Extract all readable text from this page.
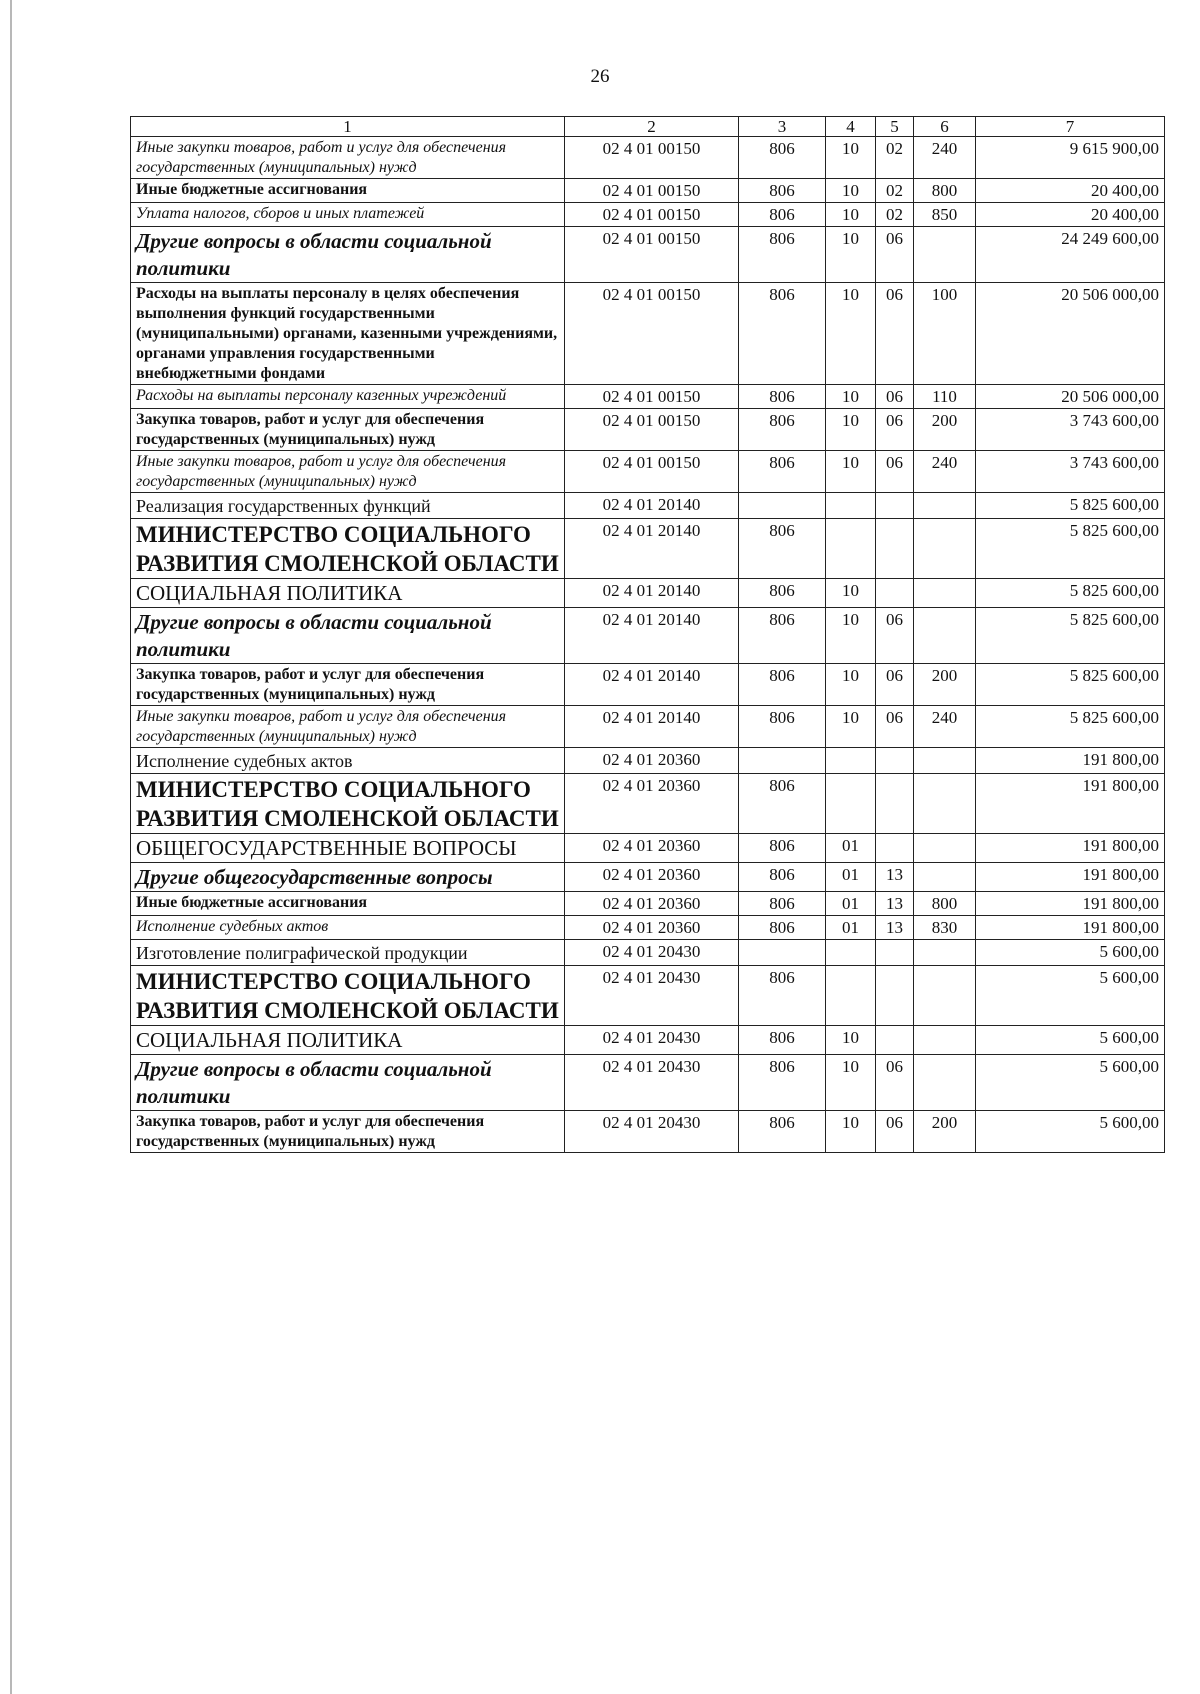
26
1	2	3	4	5	6	7
Иные закупки товаров, работ и услуг для обеспечения государственных (муниципальных) нужд	02 4 01 00150	806	10	02	240	9 615 900,00
Иные бюджетные ассигнования	02 4 01 00150	806	10	02	800	20 400,00
Уплата налогов, сборов и иных платежей	02 4 01 00150	806	10	02	850	20 400,00
Другие вопросы в области социальной политики	02 4 01 00150	806	10	06		24 249 600,00
Расходы на выплаты персоналу в целях обеспечения выполнения функций государственными (муниципальными) органами, казенными учреждениями, органами управления государственными внебюджетными фондами	02 4 01 00150	806	10	06	100	20 506 000,00
Расходы на выплаты персоналу казенных учреждений	02 4 01 00150	806	10	06	110	20 506 000,00
Закупка товаров, работ и услуг для обеспечения государственных (муниципальных) нужд	02 4 01 00150	806	10	06	200	3 743 600,00
Иные закупки товаров, работ и услуг для обеспечения государственных (муниципальных) нужд	02 4 01 00150	806	10	06	240	3 743 600,00
Реализация государственных функций	02 4 01 20140					5 825 600,00
МИНИСТЕРСТВО СОЦИАЛЬНОГО РАЗВИТИЯ СМОЛЕНСКОЙ ОБЛАСТИ	02 4 01 20140	806				5 825 600,00
СОЦИАЛЬНАЯ ПОЛИТИКА	02 4 01 20140	806	10			5 825 600,00
Другие вопросы в области социальной политики	02 4 01 20140	806	10	06		5 825 600,00
Закупка товаров, работ и услуг для обеспечения государственных (муниципальных) нужд	02 4 01 20140	806	10	06	200	5 825 600,00
Иные закупки товаров, работ и услуг для обеспечения государственных (муниципальных) нужд	02 4 01 20140	806	10	06	240	5 825 600,00
Исполнение судебных актов	02 4 01 20360					191 800,00
МИНИСТЕРСТВО СОЦИАЛЬНОГО РАЗВИТИЯ СМОЛЕНСКОЙ ОБЛАСТИ	02 4 01 20360	806				191 800,00
ОБЩЕГОСУДАРСТВЕННЫЕ ВОПРОСЫ	02 4 01 20360	806	01			191 800,00
Другие общегосударственные вопросы	02 4 01 20360	806	01	13		191 800,00
Иные бюджетные ассигнования	02 4 01 20360	806	01	13	800	191 800,00
Исполнение судебных актов	02 4 01 20360	806	01	13	830	191 800,00
Изготовление полиграфической продукции	02 4 01 20430					5 600,00
МИНИСТЕРСТВО СОЦИАЛЬНОГО РАЗВИТИЯ СМОЛЕНСКОЙ ОБЛАСТИ	02 4 01 20430	806				5 600,00
СОЦИАЛЬНАЯ ПОЛИТИКА	02 4 01 20430	806	10			5 600,00
Другие вопросы в области социальной политики	02 4 01 20430	806	10	06		5 600,00
Закупка товаров, работ и услуг для обеспечения государственных (муниципальных) нужд	02 4 01 20430	806	10	06	200	5 600,00
